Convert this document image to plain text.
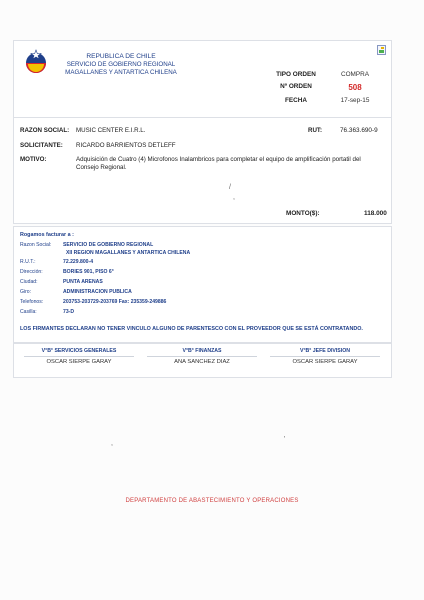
REPUBLICA DE CHILE
SERVICIO DE GOBIERNO REGIONAL
MAGALLANES Y ANTARTICA CHILENA	TIPO ORDEN	COMPRA
Nº ORDEN	508
FECHA	17-sep-15
RAZON SOCIAL: MUSIC CENTER E.I.R.L.	RUT:	76.363.690-9
SOLICITANTE: RICARDO BARRIENTOS DETLEFF
MOTIVO:	Adquisición de Cuatro (4) Microfonos Inalambricos para completar el equipo de amplificación portatil del Consejo Regional.
/
,
MONTO($):	118.000
Rogamos facturar a :
Razon Social: SERVICIO DE GOBIERNO REGIONAL
XII REGION MAGALLANES Y ANTARTICA CHILENA
R.U.T.:	72.229.800-4
Dirección:	BORIES 901, PISO 6°
Ciudad:	PUNTA ARENAS
Giro:	ADMINISTRACION PUBLICA
Telefonos:	203753-203729-203769 Fax: 235359-249886
Casilla:	73-D
LOS FIRMANTES DECLARAN NO TENER VINCULO ALGUNO DE PARENTESCO CON EL PROVEEDOR QUE SE ESTÁ CONTRATANDO.
V°B° SERVICIOS GENERALES
OSCAR SIERPE GARAY
V°B° FINANZAS
ANA SANCHEZ DIAZ
V°B° JEFE DIVISION
OSCAR SIERPE GARAY
,
'
DEPARTAMENTO DE ABASTECIMIENTO Y OPERACIONES
